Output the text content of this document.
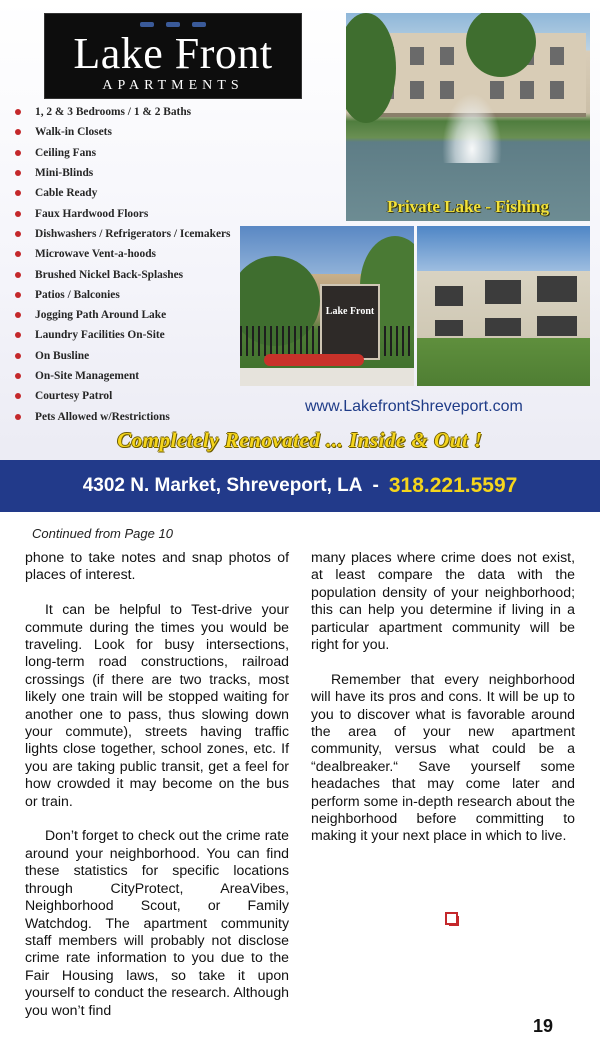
Lake Front
APARTMENTS
1, 2 & 3 Bedrooms / 1 & 2 Baths
Walk-in Closets
Ceiling Fans
Mini-Blinds
Cable Ready
Faux Hardwood Floors
Dishwashers / Refrigerators / Icemakers
Microwave Vent-a-hoods
Brushed Nickel Back-Splashes
Patios / Balconies
Jogging Path Around Lake
Laundry Facilities On-Site
On Busline
On-Site Management
Courtesy Patrol
Pets Allowed w/Restrictions
Private Lake - Fishing
Lake Front
www.LakefrontShreveport.com
Completely Renovated ... Inside & Out !
4302 N. Market, Shreveport, LA - 318.221.5597
Continued from Page 10

phone to take notes and snap photos of places of interest.

It can be helpful to Test-drive your commute during the times you would be traveling. Look for busy intersections, long-term road constructions, railroad crossings (if there are two tracks, most likely one train will be stopped waiting for another one to pass, thus slowing down your commute), streets having traffic lights close together, school zones, etc. If you are taking public transit, get a feel for how crowded it may become on the bus or train.

Don’t forget to check out the crime rate around your neighborhood. You can find these statistics for specific locations through CityProtect, AreaVibes, Neighborhood Scout, or Family Watchdog. The apartment community staff members will probably not disclose crime rate information to you due to the Fair Housing laws, so take it upon yourself to conduct the research. Although you won’t find

many places where crime does not exist, at least compare the data with the population density of your neighborhood; this can help you determine if living in a particular apartment community will be right for you.

Remember that every neighborhood will have its pros and cons. It will be up to you to discover what is favorable around the area of your new apartment community, versus what could be a “dealbreaker.“ Save yourself some headaches that may come later and perform some in-depth research about the neighborhood before committing to making it your next place in which to live.

19
